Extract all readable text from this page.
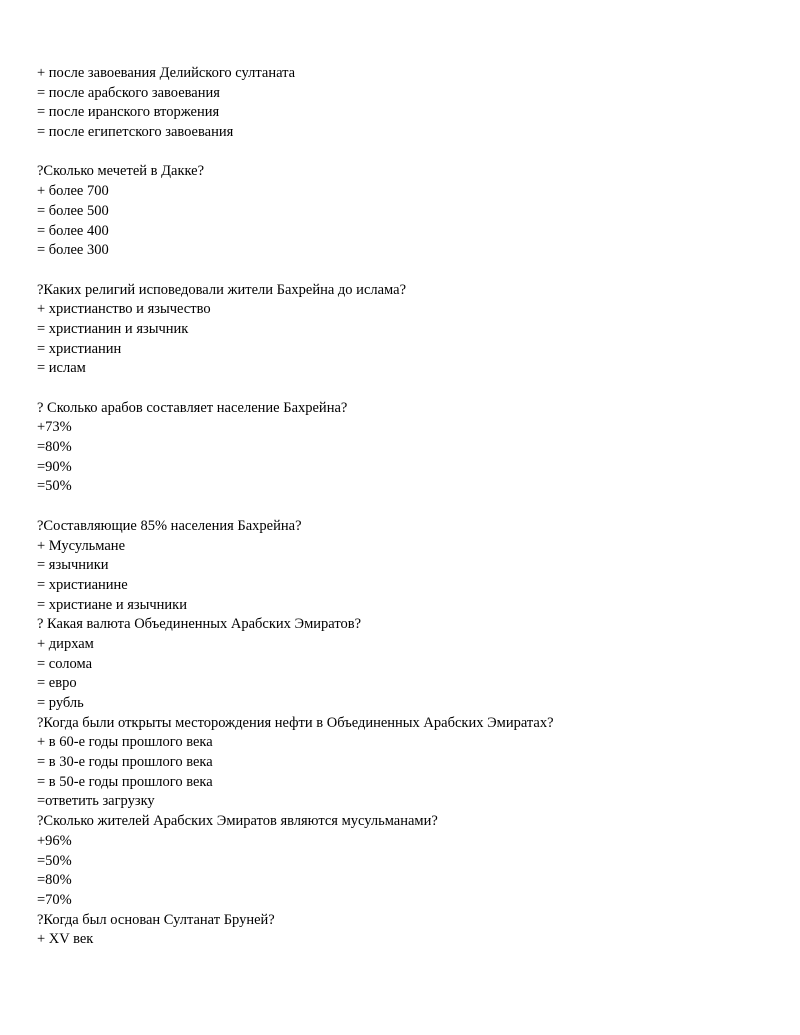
+ после завоевания Делийского султаната
= после арабского завоевания
= после иранского вторжения
= после египетского завоевания
?Сколько мечетей в Дакке?
+ более 700
= более 500
= более 400
= более 300
?Каких религий исповедовали жители Бахрейна до ислама?
+ христианство и язычество
= христианин и язычник
= христианин
= ислам
? Сколько арабов составляет население Бахрейна?
+73%
=80%
=90%
=50%
?Составляющие 85% населения Бахрейна?
+ Мусульмане
= язычники
= христианине
= христиане и язычники
? Какая валюта Объединенных Арабских Эмиратов?
+ дирхам
= солома
= евро
= рубль
?Когда были открыты месторождения нефти в Объединенных Арабских Эмиратах?
+ в 60-е годы прошлого века
= в 30-е годы прошлого века
= в 50-е годы прошлого века
=ответить загрузку
?Сколько жителей Арабских Эмиратов являются мусульманами?
+96%
=50%
=80%
=70%
?Когда был основан Султанат Бруней?
+ XV век
